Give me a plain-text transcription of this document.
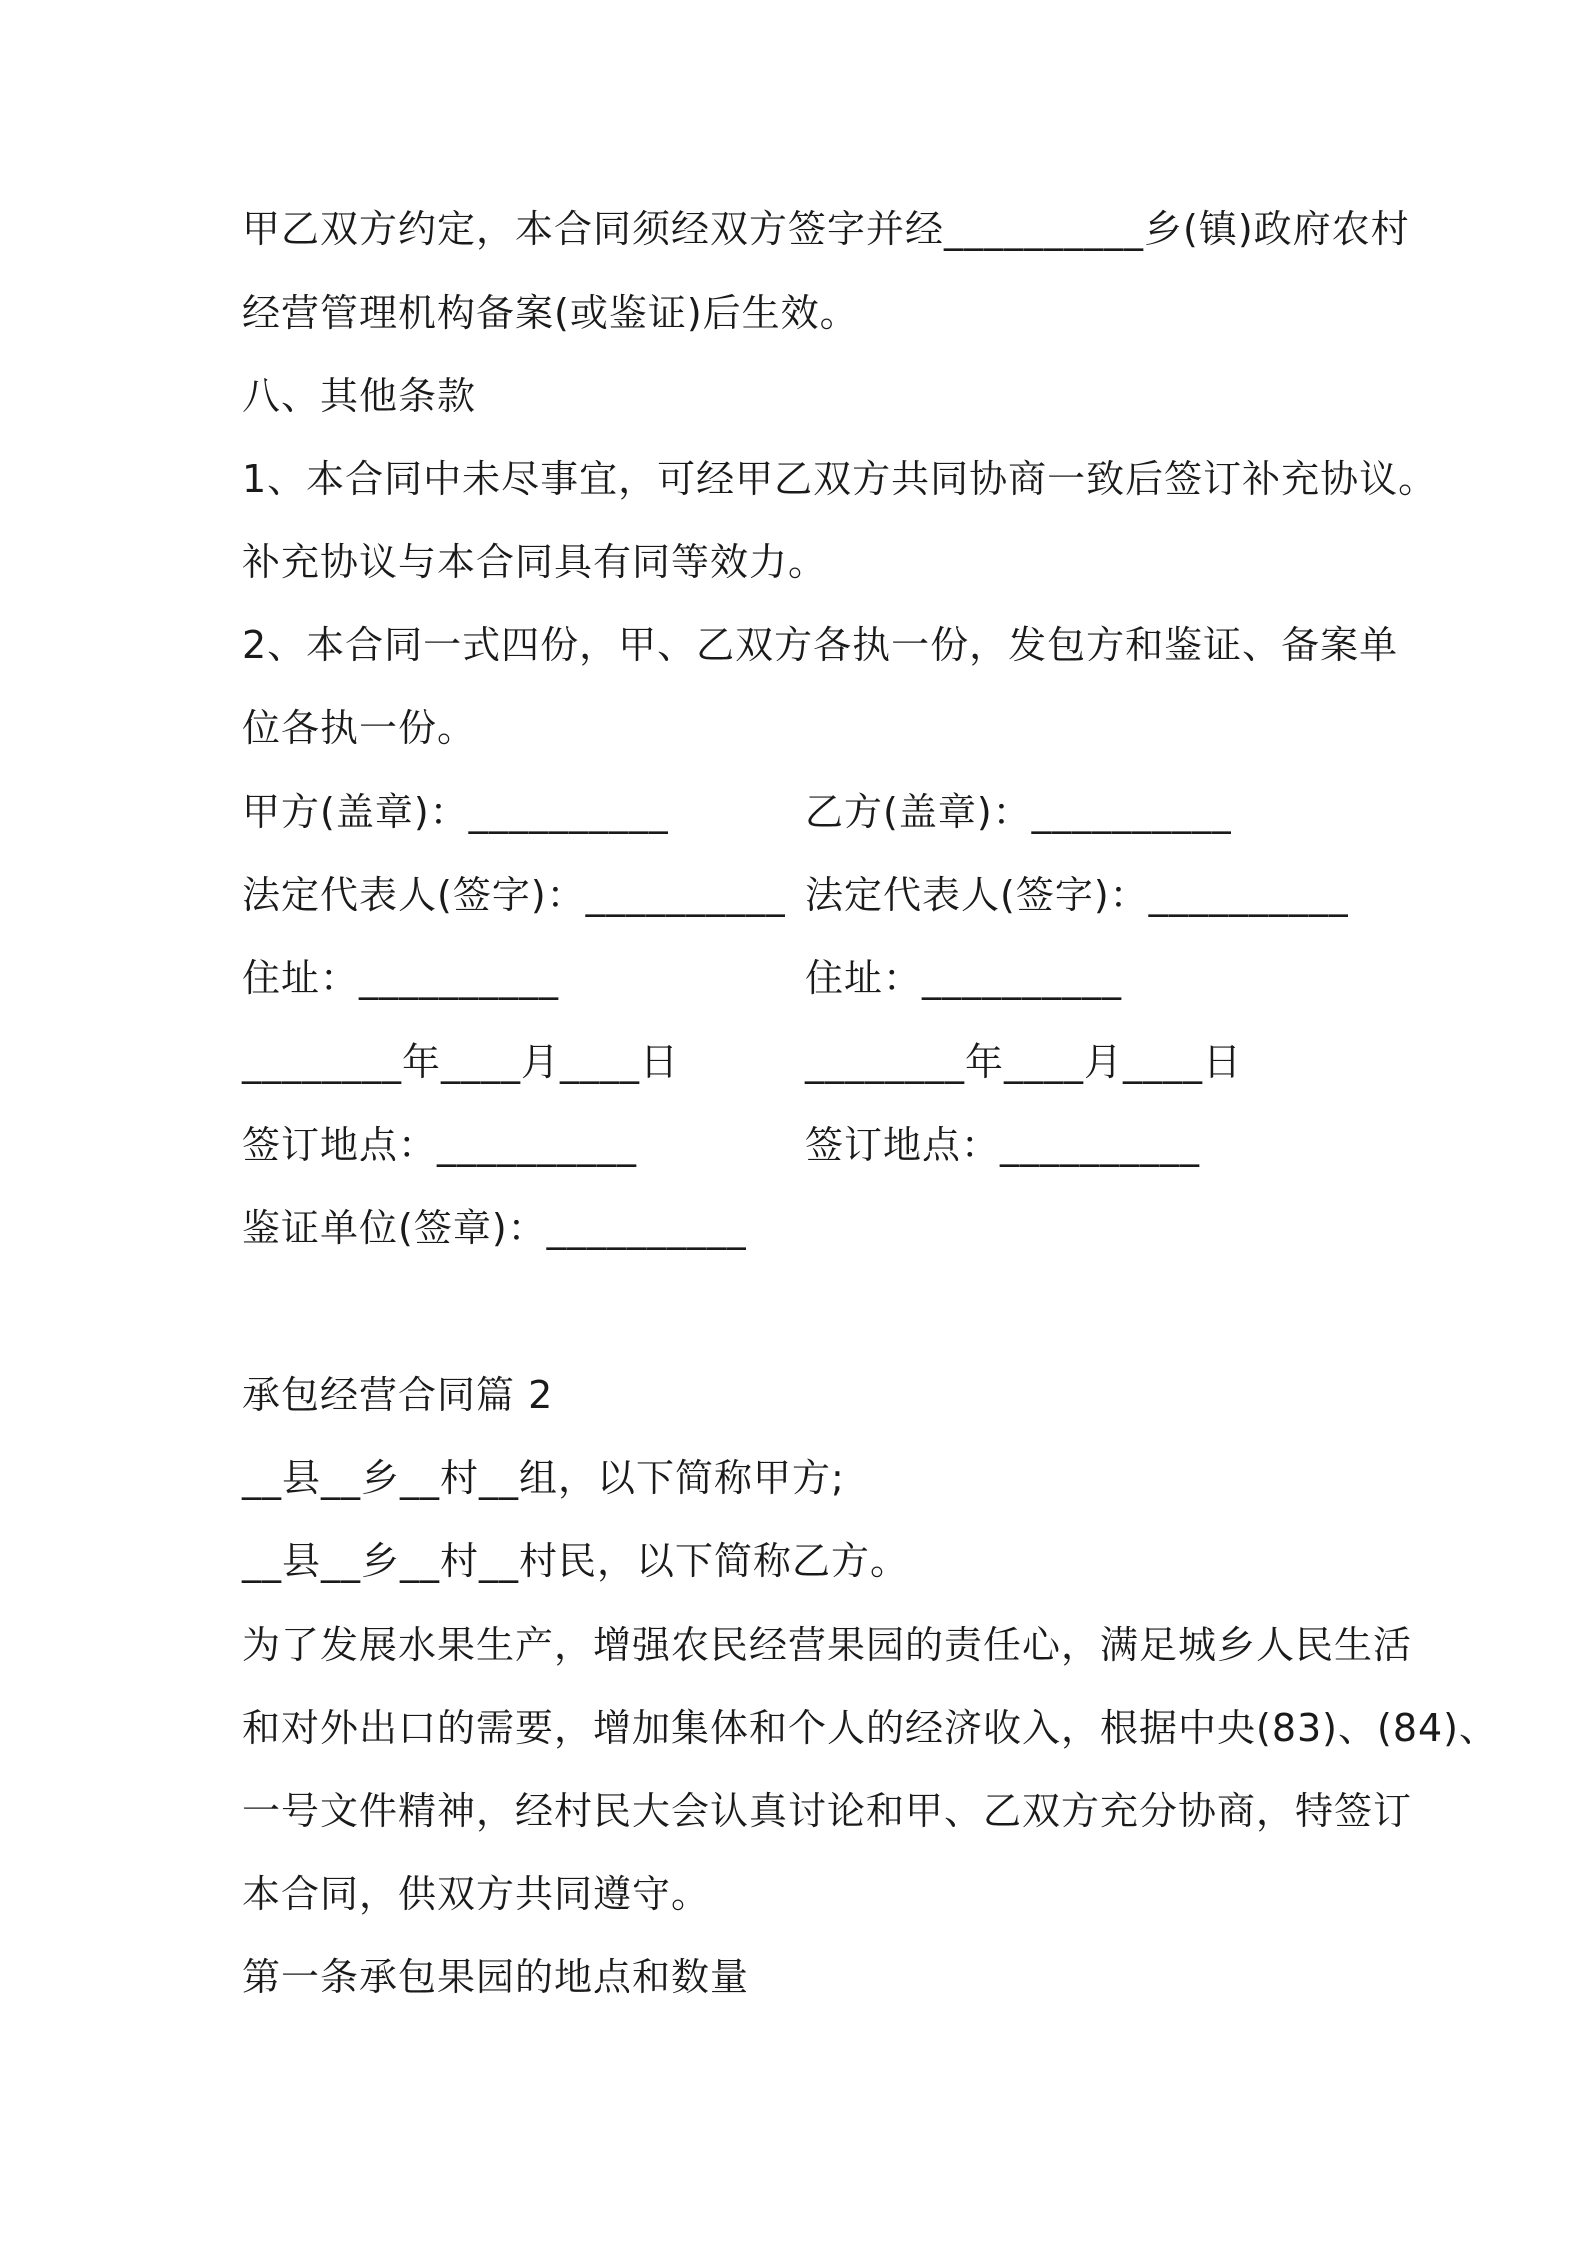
甲乙双方约定，本合同须经双方签字并经__________乡(镇)政府农村
经营管理机构备案(或鉴证)后生效。
八、其他条款
1、本合同中未尽事宜，可经甲乙双方共同协商一致后签订补充协议。
补充协议与本合同具有同等效力。
2、本合同一式四份，甲、乙双方各执一份，发包方和鉴证、备案单
位各执一份。
甲方(盖章)：__________	乙方(盖章)：__________
法定代表人(签字)：__________ 法定代表人(签字)：__________
住址：__________	住址：__________
________年____月____日	________年____月____日
签订地点：__________	签订地点：__________
鉴证单位(签章)：__________
承包经营合同篇 2
__县__乡__村__组，以下简称甲方;
__县__乡__村__村民，以下简称乙方。
为了发展水果生产，增强农民经营果园的责任心，满足城乡人民生活
和对外出口的需要，增加集体和个人的经济收入，根据中央(83)、(84)、
一号文件精神，经村民大会认真讨论和甲、乙双方充分协商，特签订
本合同，供双方共同遵守。
第一条承包果园的地点和数量
